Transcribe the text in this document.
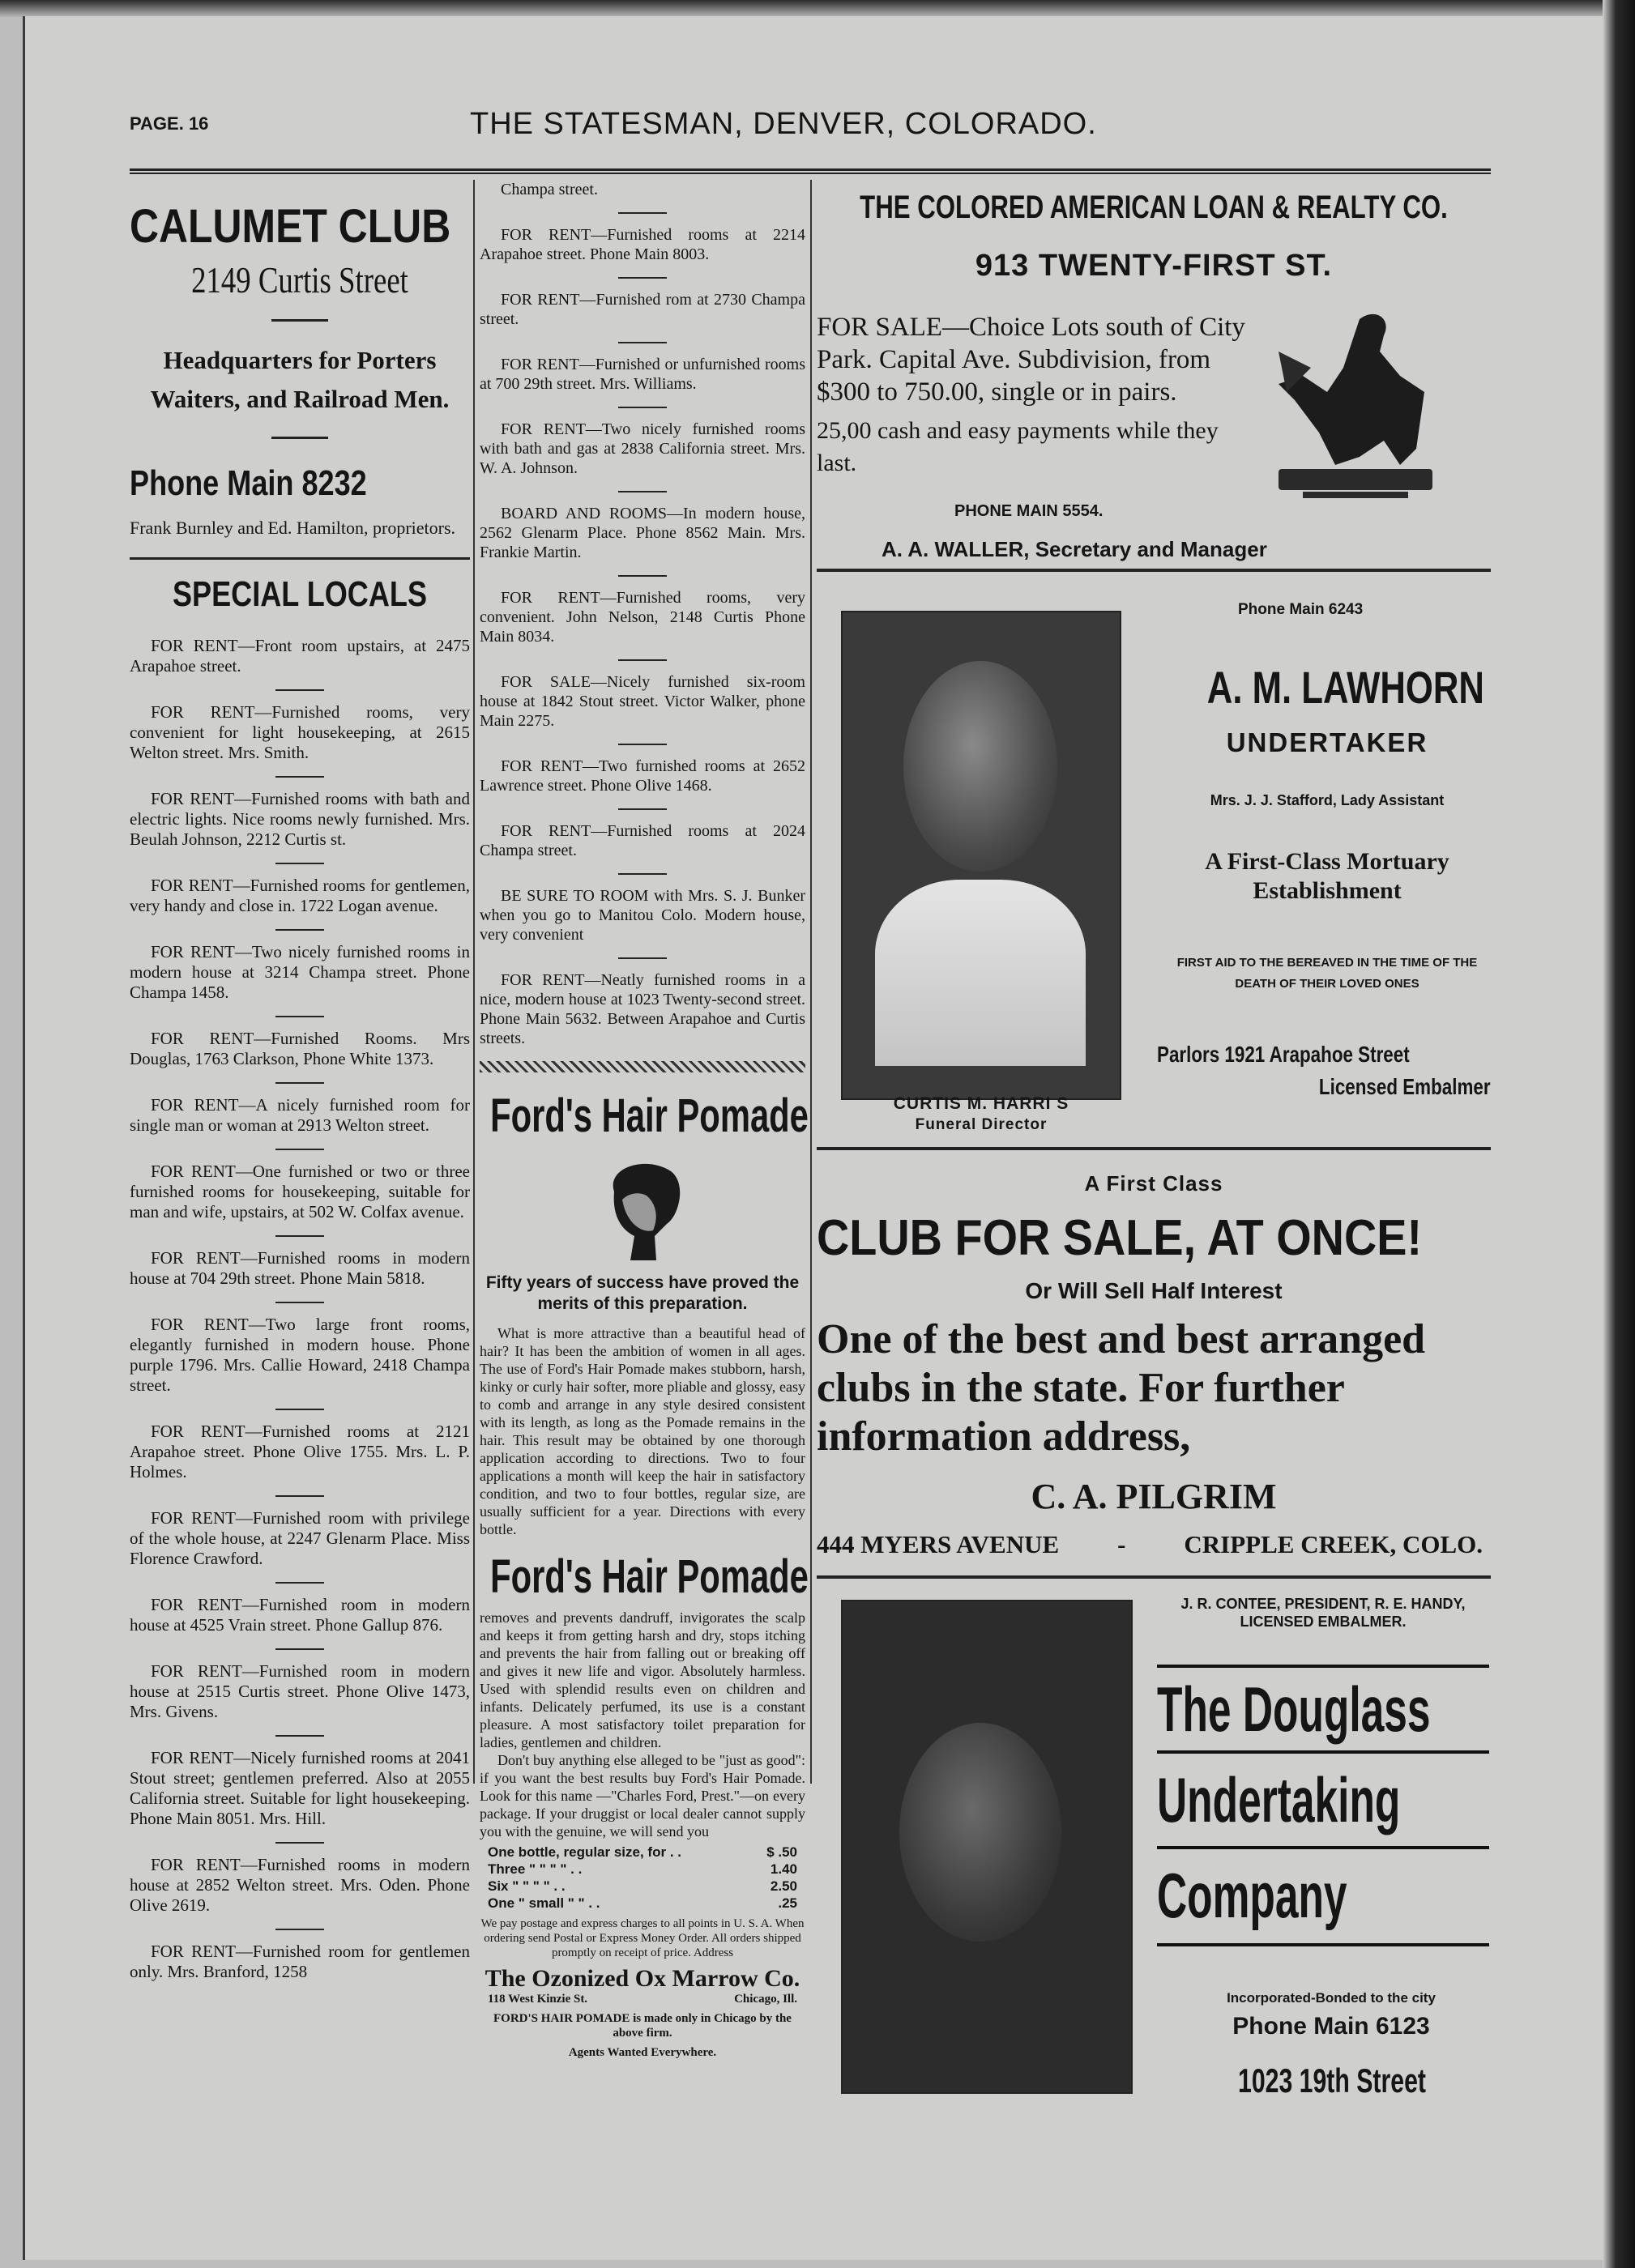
PAGE. 16	THE STATESMAN, DENVER, COLORADO.
CALUMET CLUB
2149 Curtis Street
Headquarters for Porters Waiters, and Railroad Men.
Phone Main 8232
Frank Burnley and Ed. Hamilton, proprietors.
SPECIAL LOCALS
FOR RENT—Front room upstairs, at 2475 Arapahoe street.
FOR RENT—Furnished rooms, very convenient for light housekeeping, at 2615 Welton street. Mrs. Smith.
FOR RENT—Furnished rooms with bath and electric lights. Nice rooms newly furnished. Mrs. Beulah Johnson, 2212 Curtis st.
FOR RENT—Furnished rooms for gentlemen, very handy and close in. 1722 Logan avenue.
FOR RENT—Two nicely furnished rooms in modern house at 3214 Champa street. Phone Champa 1458.
FOR RENT—Furnished Rooms. Mrs Douglas, 1763 Clarkson, Phone White 1373.
FOR RENT—A nicely furnished room for single man or woman at 2913 Welton street.
FOR RENT—One furnished or two or three furnished rooms for housekeeping, suitable for man and wife, upstairs, at 502 W. Colfax avenue.
FOR RENT—Furnished rooms in modern house at 704 29th street. Phone Main 5818.
FOR RENT—Two large front rooms, elegantly furnished in modern house. Phone purple 1796. Mrs. Callie Howard, 2418 Champa street.
FOR RENT—Furnished rooms at 2121 Arapahoe street. Phone Olive 1755. Mrs. L. P. Holmes.
FOR RENT—Furnished room with privilege of the whole house, at 2247 Glenarm Place. Miss Florence Crawford.
FOR RENT—Furnished room in modern house at 4525 Vrain street. Phone Gallup 876.
FOR RENT—Furnished room in modern house at 2515 Curtis street. Phone Olive 1473, Mrs. Givens.
FOR RENT—Nicely furnished rooms at 2041 Stout street; gentlemen preferred. Also at 2055 California street. Suitable for light housekeeping. Phone Main 8051. Mrs. Hill.
FOR RENT—Furnished rooms in modern house at 2852 Welton street. Mrs. Oden. Phone Olive 2619.
FOR RENT—Furnished room for gentlemen only. Mrs. Branford, 1258
Champa street.
FOR RENT—Furnished rooms at 2214 Arapahoe street. Phone Main 8003.
FOR RENT—Furnished rom at 2730 Champa street.
FOR RENT—Furnished or unfurnished rooms at 700 29th street. Mrs. Williams.
FOR RENT—Two nicely furnished rooms with bath and gas at 2838 California street. Mrs. W. A. Johnson.
BOARD AND ROOMS—In modern house, 2562 Glenarm Place. Phone 8562 Main. Mrs. Frankie Martin.
FOR RENT—Furnished rooms, very convenient. John Nelson, 2148 Curtis Phone Main 8034.
FOR SALE—Nicely furnished six-room house at 1842 Stout street. Victor Walker, phone Main 2275.
FOR RENT—Two furnished rooms at 2652 Lawrence street. Phone Olive 1468.
FOR RENT—Furnished rooms at 2024 Champa street.
BE SURE TO ROOM with Mrs. S. J. Bunker when you go to Manitou Colo. Modern house, very convenient
FOR RENT—Neatly furnished rooms in a nice, modern house at 1023 Twenty-second street. Phone Main 5632. Between Arapahoe and Curtis streets.
Ford's Hair Pomade
Fifty years of success have proved the merits of this preparation.
What is more attractive than a beautiful head of hair? It has been the ambition of women in all ages. The use of Ford's Hair Pomade makes stubborn, harsh, kinky or curly hair softer, more pliable and glossy, easy to comb and arrange in any style desired consistent with its length, as long as the Pomade remains in the hair. This result may be obtained by one thorough application according to directions. Two to four applications a month will keep the hair in satisfactory condition, and two to four bottles, regular size, are usually sufficient for a year. Directions with every bottle.
Ford's Hair Pomade
removes and prevents dandruff, invigorates the scalp and keeps it from getting harsh and dry, stops itching and prevents the hair from falling out or breaking off and gives it new life and vigor. Absolutely harmless. Used with splendid results even on children and infants. Delicately perfumed, its use is a constant pleasure. A most satisfactory toilet preparation for ladies, gentlemen and children.
Don't buy anything else alleged to be "just as good": if you want the best results buy Ford's Hair Pomade. Look for this name —"Charles Ford, Prest."—on every package. If your druggist or local dealer cannot supply you with the genuine, we will send you
One bottle, regular size, for . .	$ .50
Three " " " " . .	1.40
Six " " " " . .	2.50
One " small " " . .	.25
We pay postage and express charges to all points in U. S. A. When ordering send Postal or Express Money Order. All orders shipped promptly on receipt of price. Address
The Ozonized Ox Marrow Co.
118 West Kinzie St.	Chicago, Ill.
FORD'S HAIR POMADE is made only in Chicago by the above firm.
Agents Wanted Everywhere.
THE COLORED AMERICAN LOAN & REALTY CO.
913 TWENTY-FIRST ST.
FOR SALE—Choice Lots south of City Park. Capital Ave. Subdivision, from $300 to 750.00, single or in pairs.
25,00 cash and easy payments while they last.
PHONE MAIN 5554.
A. A. WALLER, Secretary and Manager
CURTIS M. HARRI S
Funeral Director
Phone Main 6243
A. M. LAWHORN
UNDERTAKER
Mrs. J. J. Stafford, Lady Assistant
A First-Class Mortuary Establishment
FIRST AID TO THE BEREAVED IN THE TIME OF THE DEATH OF THEIR LOVED ONES
Parlors 1921 Arapahoe Street
Licensed Embalmer
A First Class
CLUB FOR SALE, AT ONCE!
Or Will Sell Half Interest
One of the best and best arranged clubs in the state. For further information address,
C. A. PILGRIM
444 MYERS AVENUE - CRIPPLE CREEK, COLO.
J. R. CONTEE, PRESIDENT, R. E. HANDY, LICENSED EMBALMER.
The Douglass
Undertaking
Company
Incorporated-Bonded to the city
Phone Main 6123
1023 19th Street
